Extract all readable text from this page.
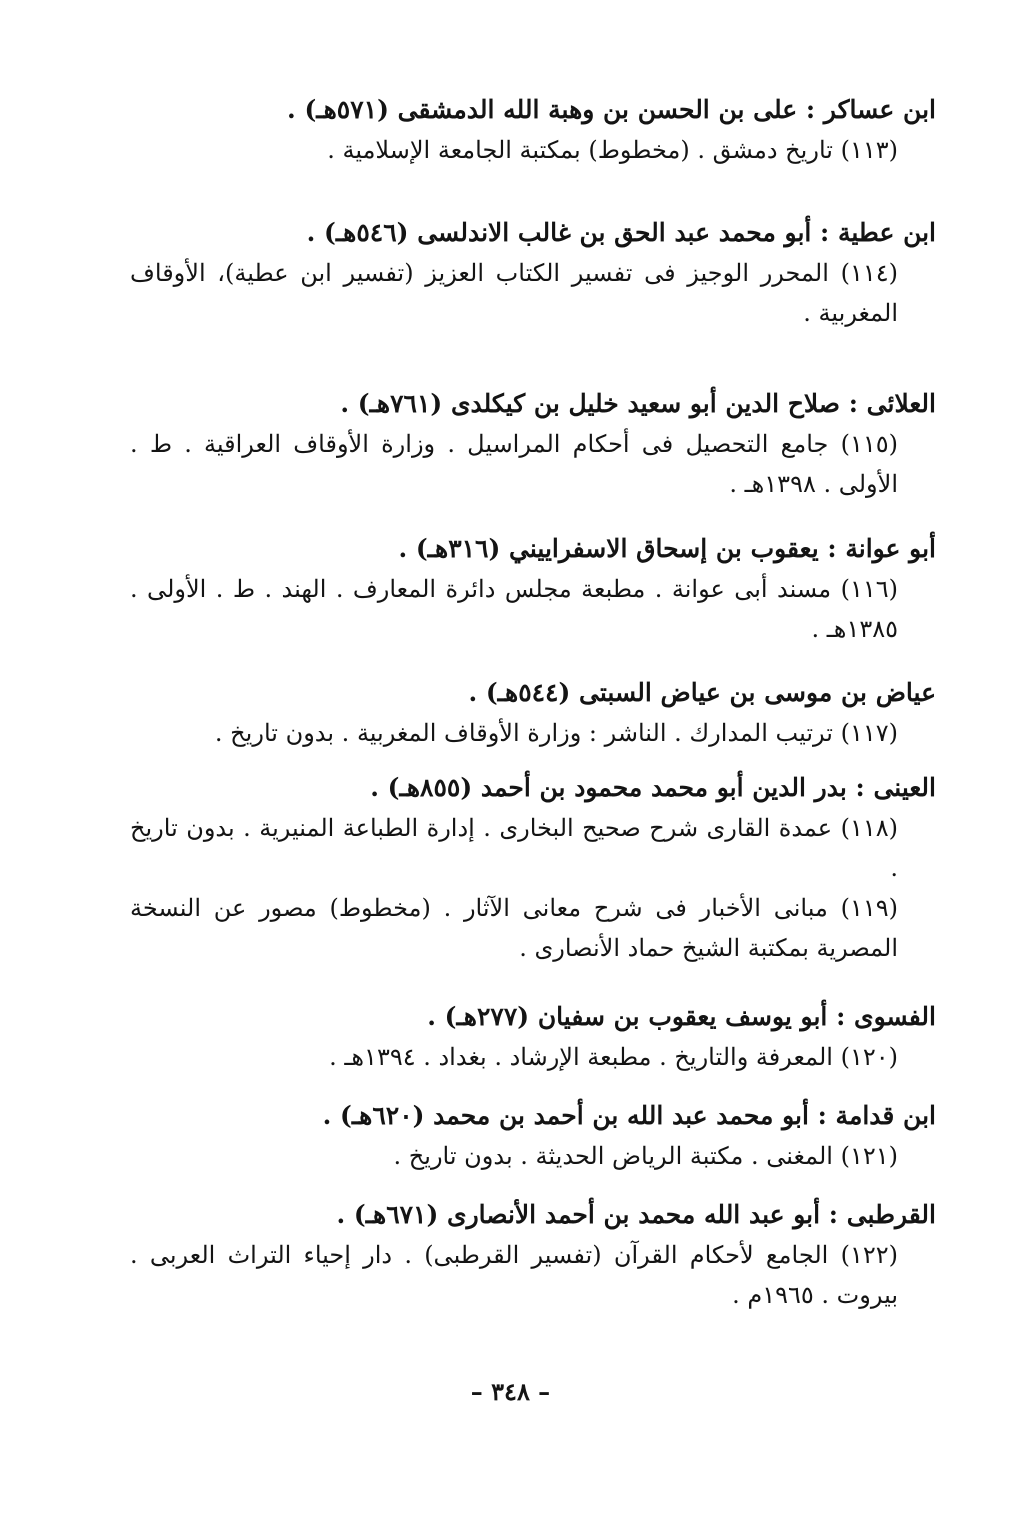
ابن عساكر : على بن الحسن بن وهبة الله الدمشقى (٥٧١هـ) .
(١١٣) تاريخ دمشق . (مخطوط) بمكتبة الجامعة الإسلامية .
ابن عطية : أبو محمد عبد الحق بن غالب الاندلسى (٥٤٦هـ) .
(١١٤) المحرر الوجيز فى تفسير الكتاب العزيز (تفسير ابن عطية)، الأوقاف المغربية .
العلائى : صلاح الدين أبو سعيد خليل بن كيكلدى (٧٦١هـ) .
(١١٥) جامع التحصيل فى أحكام المراسيل . وزارة الأوقاف العراقية . ط . الأولى . ١٣٩٨هـ .
أبو عوانة : يعقوب بن إسحاق الاسفراييني (٣١٦هـ) .
(١١٦) مسند أبى عوانة . مطبعة مجلس دائرة المعارف . الهند . ط . الأولى . ١٣٨٥هـ .
عياض بن موسى بن عياض السبتى (٥٤٤هـ) .
(١١٧) ترتيب المدارك . الناشر : وزارة الأوقاف المغربية . بدون تاريخ .
العينى : بدر الدين أبو محمد محمود بن أحمد (٨٥٥هـ) .
(١١٨) عمدة القارى شرح صحيح البخارى . إدارة الطباعة المنيرية . بدون تاريخ .
(١١٩) مبانى الأخبار فى شرح معانى الآثار . (مخطوط) مصور عن النسخة المصرية بمكتبة الشيخ حماد الأنصارى .
الفسوى : أبو يوسف يعقوب بن سفيان (٢٧٧هـ) .
(١٢٠) المعرفة والتاريخ . مطبعة الإرشاد . بغداد . ١٣٩٤هـ .
ابن قدامة : أبو محمد عبد الله بن أحمد بن محمد (٦٢٠هـ) .
(١٢١) المغنى . مكتبة الرياض الحديثة . بدون تاريخ .
القرطبى : أبو عبد الله محمد بن أحمد الأنصارى (٦٧١هـ) .
(١٢٢) الجامع لأحكام القرآن (تفسير القرطبى) . دار إحياء التراث العربى . بيروت . ١٩٦٥م .
– ٣٤٨ –
